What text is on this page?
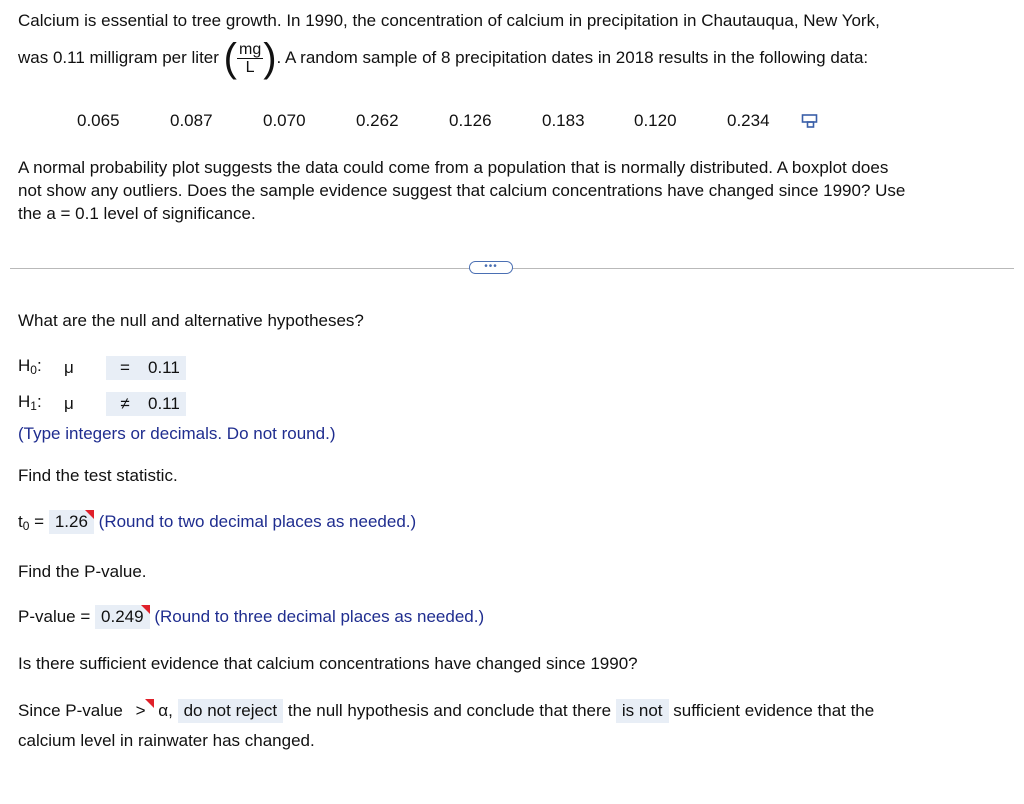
Calcium is essential to tree growth. In 1990, the concentration of calcium in precipitation in Chautauqua, New York,
was 0.11 milligram per liter ( $\frac{mg}{L}$ ). A random sample of 8 precipitation dates in 2018 results in the following data:
0.065	0.087	0.070	0.262	0.126	0.183	0.120	0.234
A normal probability plot suggests the data could come from a population that is normally distributed. A boxplot does
not show any outliers. Does the sample evidence suggest that calcium concentrations have changed since 1990? Use
the a = 0.1 level of significance.
•••
What are the null and alternative hypotheses?
$H_0$:	μ	=	0.11
$H_1$:	μ	≠	0.11
(Type integers or decimals. Do not round.)
Find the test statistic.
$t_0 = 1.26$ (Round to two decimal places as needed.)
Find the P-value.
P-value = 0.249 (Round to three decimal places as needed.)
Is there sufficient evidence that calcium concentrations have changed since 1990?
Since P-value > α, do not reject the null hypothesis and conclude that there is not sufficient evidence that the
calcium level in rainwater has changed.
